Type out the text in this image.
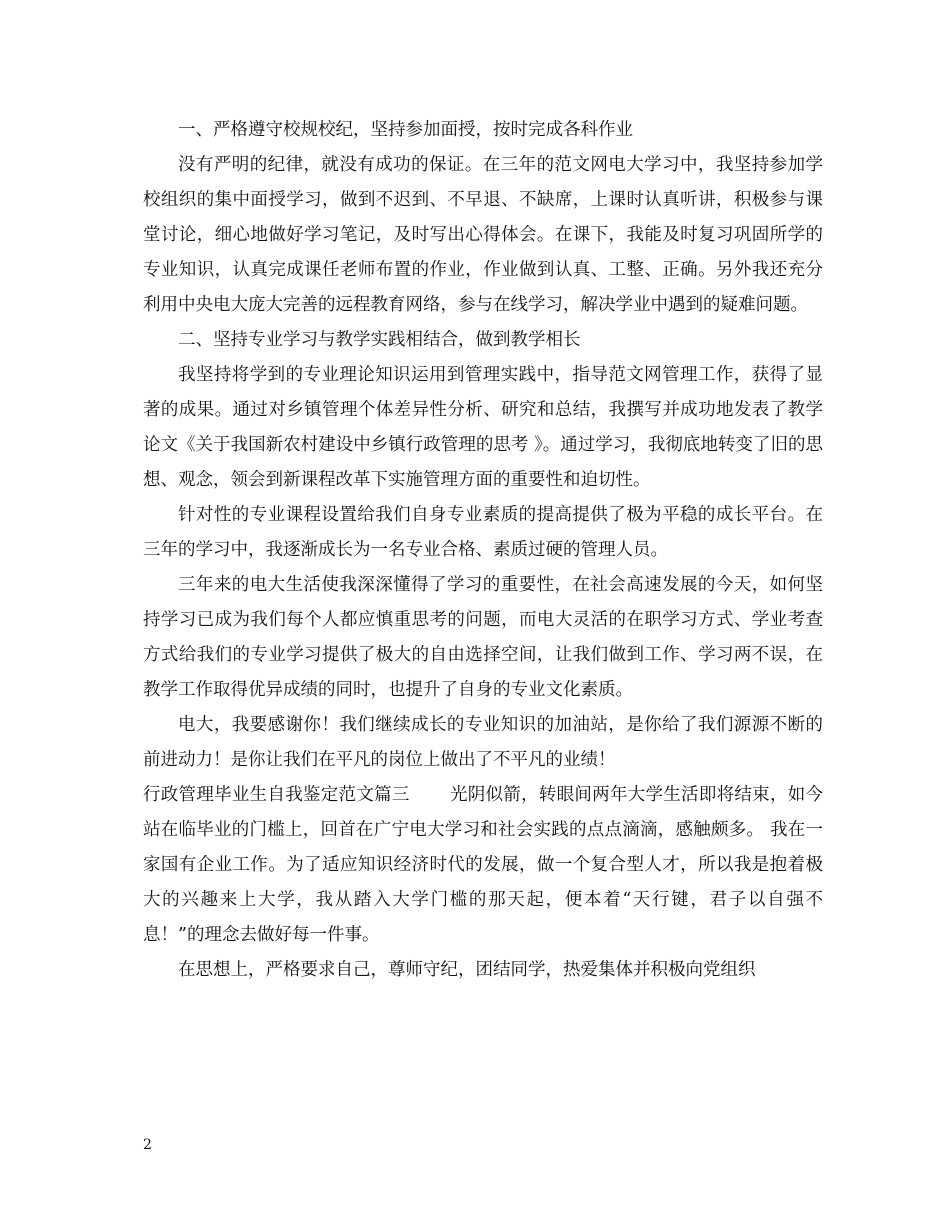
一、严格遵守校规校纪，坚持参加面授，按时完成各科作业

没有严明的纪律，就没有成功的保证。在三年的范文网电大学习中，我坚持参加学校组织的集中面授学习，做到不迟到、不早退、不缺席，上课时认真听讲，积极参与课堂讨论，细心地做好学习笔记，及时写出心得体会。在课下，我能及时复习巩固所学的专业知识，认真完成课任老师布置的作业，作业做到认真、工整、正确。另外我还充分利用中央电大庞大完善的远程教育网络，参与在线学习，解决学业中遇到的疑难问题。

二、坚持专业学习与教学实践相结合，做到教学相长

我坚持将学到的专业理论知识运用到管理实践中，指导范文网管理工作，获得了显著的成果。通过对乡镇管理个体差异性分析、研究和总结，我撰写并成功地发表了教学论文《关于我国新农村建设中乡镇行政管理的思考 》。通过学习，我彻底地转变了旧的思想、观念，领会到新课程改革下实施管理方面的重要性和迫切性。

针对性的专业课程设置给我们自身专业素质的提高提供了极为平稳的成长平台。在三年的学习中，我逐渐成长为一名专业合格、素质过硬的管理人员。

三年来的电大生活使我深深懂得了学习的重要性，在社会高速发展的今天，如何坚持学习已成为我们每个人都应慎重思考的问题，而电大灵活的在职学习方式、学业考查方式给我们的专业学习提供了极大的自由选择空间，让我们做到工作、学习两不误，在教学工作取得优异成绩的同时，也提升了自身的专业文化素质。

电大，我要感谢你！我们继续成长的专业知识的加油站，是你给了我们源源不断的前进动力！是你让我们在平凡的岗位上做出了不平凡的业绩！

行政管理毕业生自我鉴定范文篇三 光阴似箭，转眼间两年大学生活即将结束，如今站在临毕业的门槛上，回首在广宁电大学习和社会实践的点点滴滴，感触颇多。 我在一家国有企业工作。为了适应知识经济时代的发展，做一个复合型人才，所以我是抱着极大的兴趣来上大学，我从踏入大学门槛的那天起，便本着“天行键，君子以自强不息！”的理念去做好每一件事。

在思想上，严格要求自己，尊师守纪，团结同学，热爱集体并积极向党组织

2
